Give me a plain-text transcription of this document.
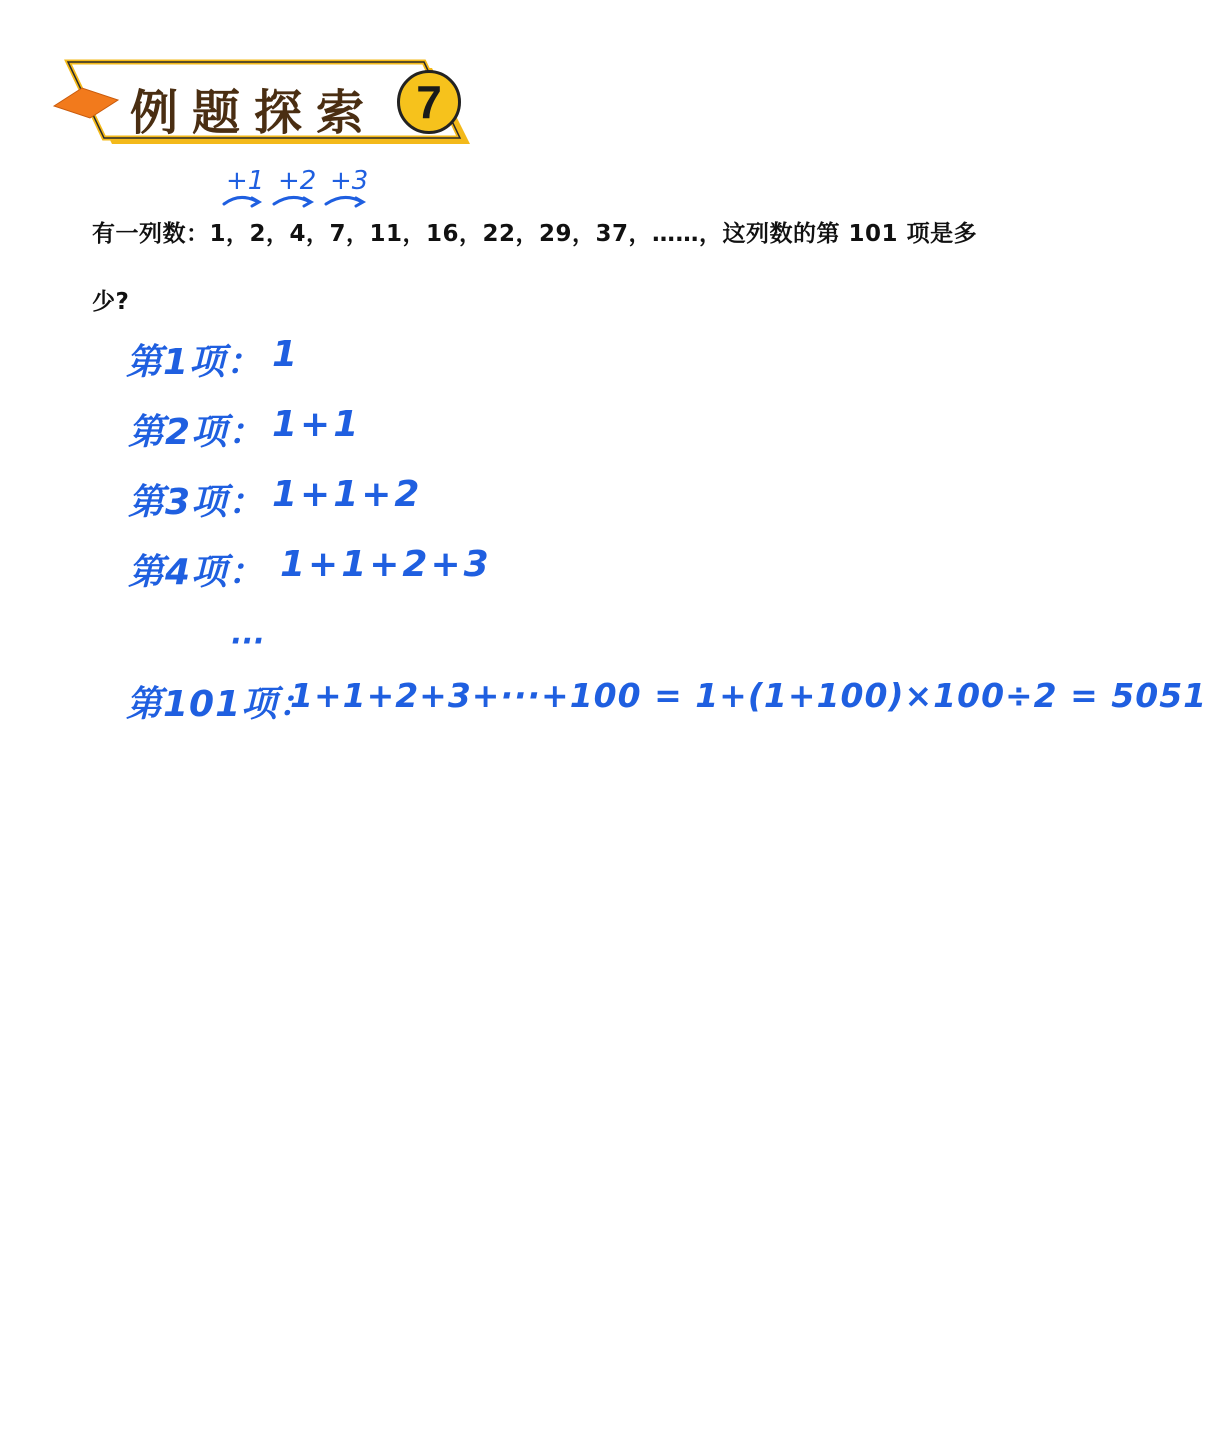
例题探索 7
+1 +2 +3
有一列数：1，2，4，7，11，16，22，29，37，……，这列数的第 101 项是多少?
第1项： 1
第2项： 1+1
第3项： 1+1+2
第4项： 1+1+2+3
···
第101项：
1+1+2+3+···+100 = 1+(1+100)×100÷2 = 5051
